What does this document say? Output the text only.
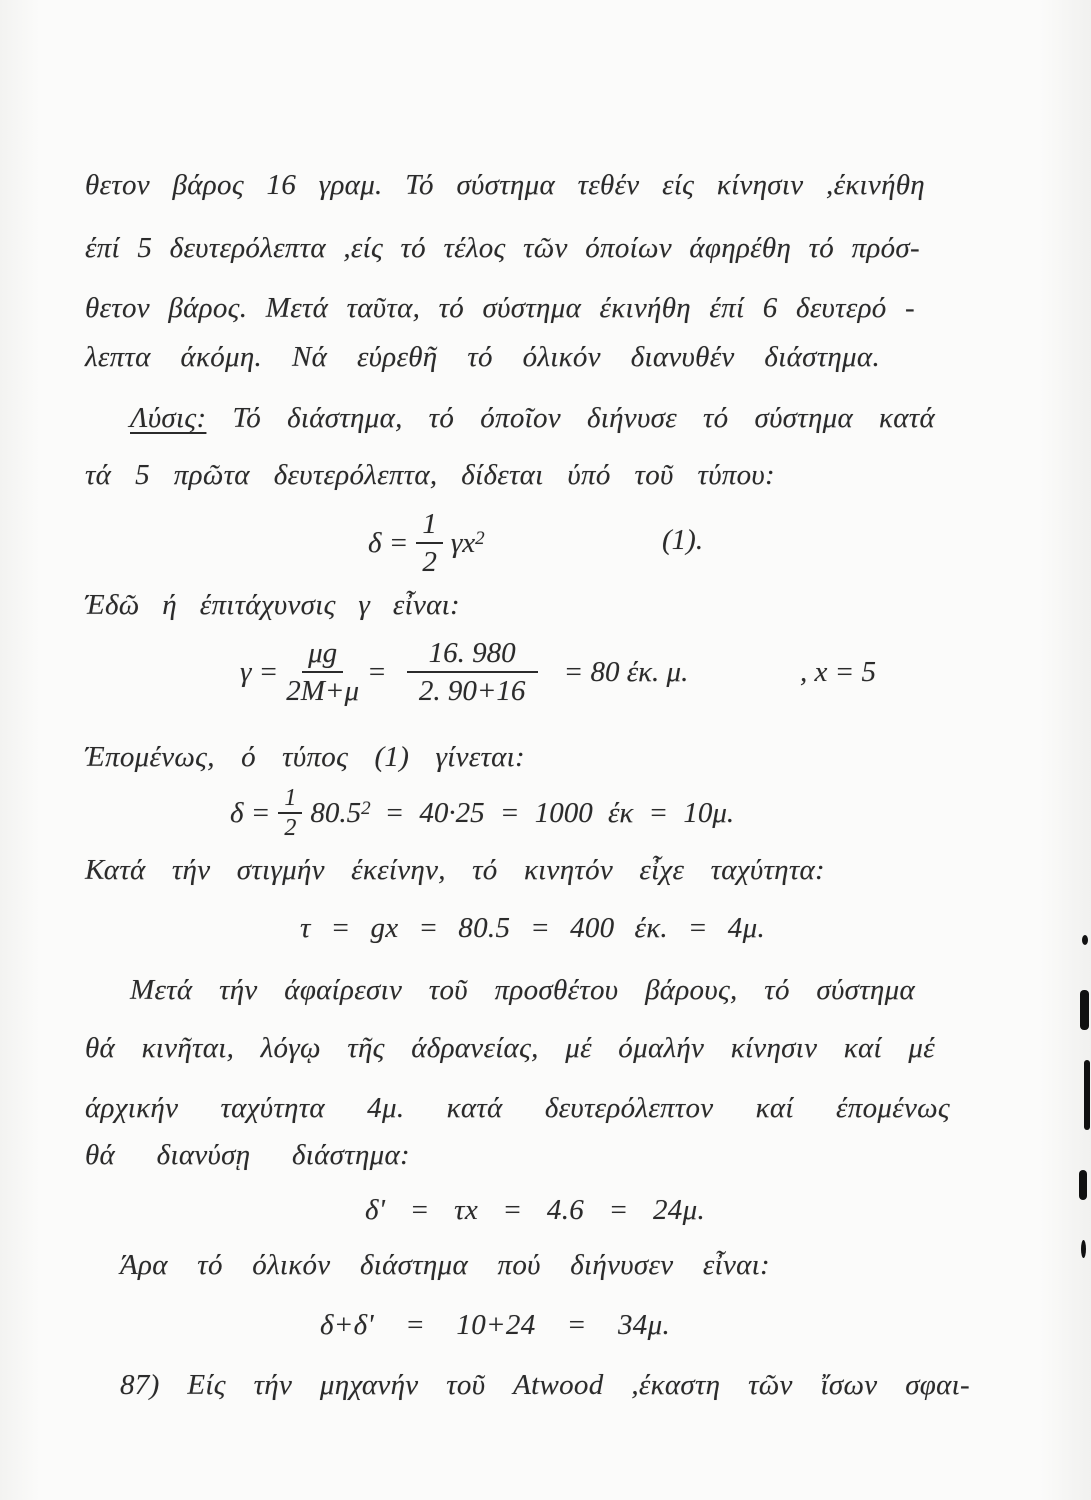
θετον βάρος 16 γραμ. Τό σύστημα τεθέν είς κίνησιν ,έκινήθη
έπί 5 δευτερόλεπτα ,είς τό τέλος τῶν όποίων άφηρέθη τό πρόσ-
θετον βάρος. Μετά ταῦτα, τό σύστημα έκινήθη έπί 6 δευτερό -
λεπτα άκόμη. Νά εύρεθῆ τό όλικόν διανυθέν διάστημα.
Λύσις: Τό διάστημα, τό όποῖον διήνυσε τό σύστημα κατά
τά 5 πρῶτα δευτερόλεπτα, δίδεται ύπό τοῦ τύπου:
$\delta = \frac{1}{2} \gamma x^2$	(1).
Έδῶ ή έπιτάχυνσις γ εἶναι:
$\gamma = \frac{\mu g}{2M+\mu} = \frac{16. 980}{2. 90+16} = 80$ έκ. μ.	, x = 5
Έπομένως, ό τύπος (1) γίνεται:
$\delta = \frac{1}{2} 80.5^2 = 40\cdot 25 = 1000$ έκ = 10μ.
Κατά τήν στιγμήν έκείνην, τό κινητόν εἶχε ταχύτητα:
τ = gx = 80.5 = 400 έκ. = 4μ.
Μετά τήν άφαίρεσιν τοῦ προσθέτου βάρους, τό σύστημα
θά κινῆται, λόγῳ τῆς άδρανείας, μέ όμαλήν κίνησιν καί μέ
άρχικήν ταχύτητα 4μ. κατά δευτερόλεπτον καί έπομένως
θά διανύσῃ διάστημα:
δ' = τx = 4.6 = 24μ.
Άρα τό όλικόν διάστημα πού διήνυσεν εἶναι:
δ+δ' = 10+24 = 34μ.
87) Είς τήν μηχανήν τοῦ Atwood ,έκαστη τῶν ἴσων σφαι-
